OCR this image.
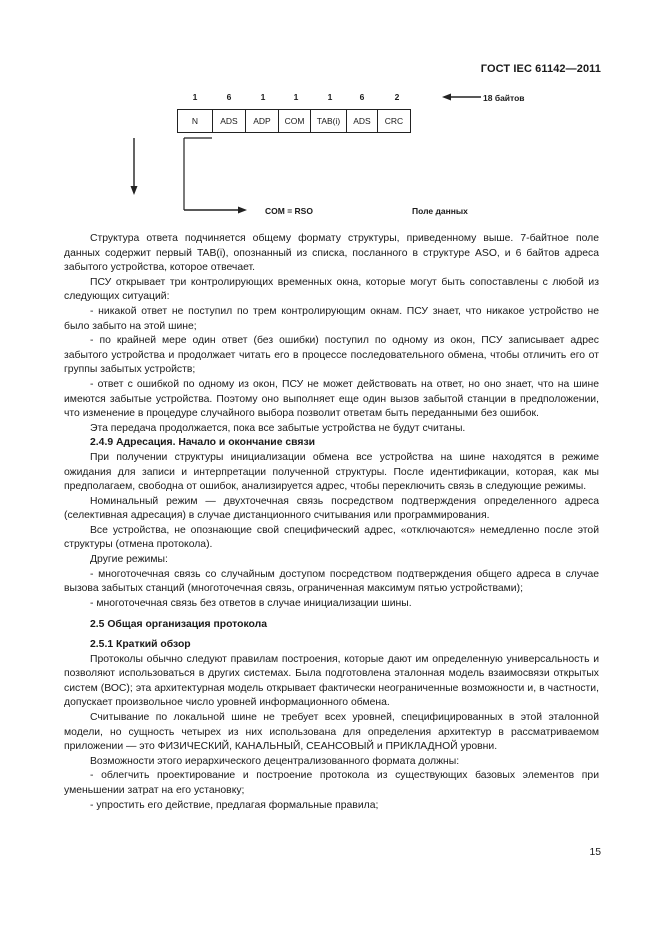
ГОСТ IEC 61142—2011
1	6	1	1	1	6	2
N	ADS	ADP	COM	TAB(i)	ADS	CRC
18 байтов
COM = RSO	Поле данных

Структура ответа подчиняется общему формату структуры, приведенному выше. 7-байтное поле данных содержит первый TAB(i), опознанный из списка, посланного в структуре ASO, и 6 байтов адреса забытого устройства, которое отвечает.

ПСУ открывает три контролирующих временных окна, которые могут быть сопоставлены с любой из следующих ситуаций:

- никакой ответ не поступил по трем контролирующим окнам. ПСУ знает, что никакое устройство не было забыто на этой шине;

- по крайней мере один ответ (без ошибки) поступил по одному из окон, ПСУ записывает адрес забытого устройства и продолжает читать его в процессе последовательного обмена, чтобы отличить его от группы забытых устройств;

- ответ с ошибкой по одному из окон, ПСУ не может действовать на ответ, но оно знает, что на шине имеются забытые устройства. Поэтому оно выполняет еще один вызов забытой станции в предположении, что изменение в процедуре случайного выбора позволит ответам быть переданными без ошибок.

Эта передача продолжается, пока все забытые устройства не будут считаны.

2.4.9 Адресация. Начало и окончание связи

При получении структуры инициализации обмена все устройства на шине находятся в режиме ожидания для записи и интерпретации полученной структуры. После идентификации, которая, как мы предполагаем, свободна от ошибок, анализируется адрес, чтобы переключить связь в следующие режимы.

Номинальный режим — двухточечная связь посредством подтверждения определенного адреса (селективная адресация) в случае дистанционного считывания или программирования.

Все устройства, не опознающие свой специфический адрес, «отключаются» немедленно после этой структуры (отмена протокола).

Другие режимы:

- многоточечная связь со случайным доступом посредством подтверждения общего адреса в случае вызова забытых станций (многоточечная связь, ограниченная максимум пятью устройствами);

- многоточечная связь без ответов в случае инициализации шины.

2.5 Общая организация протокола

2.5.1 Краткий обзор

Протоколы обычно следуют правилам построения, которые дают им определенную универсальность и позволяют использоваться в других системах. Была подготовлена эталонная модель взаимосвязи открытых систем (ВОС); эта архитектурная модель открывает фактически неограниченные возможности и, в частности, допускает произвольное число уровней информационного обмена.

Считывание по локальной шине не требует всех уровней, специфицированных в этой эталонной модели, но сущность четырех из них использована для определения архитектур в рассматриваемом приложении — это ФИЗИЧЕСКИЙ, КАНАЛЬНЫЙ, СЕАНСОВЫЙ и ПРИКЛАДНОЙ уровни.

Возможности этого иерархического децентрализованного формата должны:

- облегчить проектирование и построение протокола из существующих базовых элементов при уменьшении затрат на его установку;

- упростить его действие, предлагая формальные правила;

15
